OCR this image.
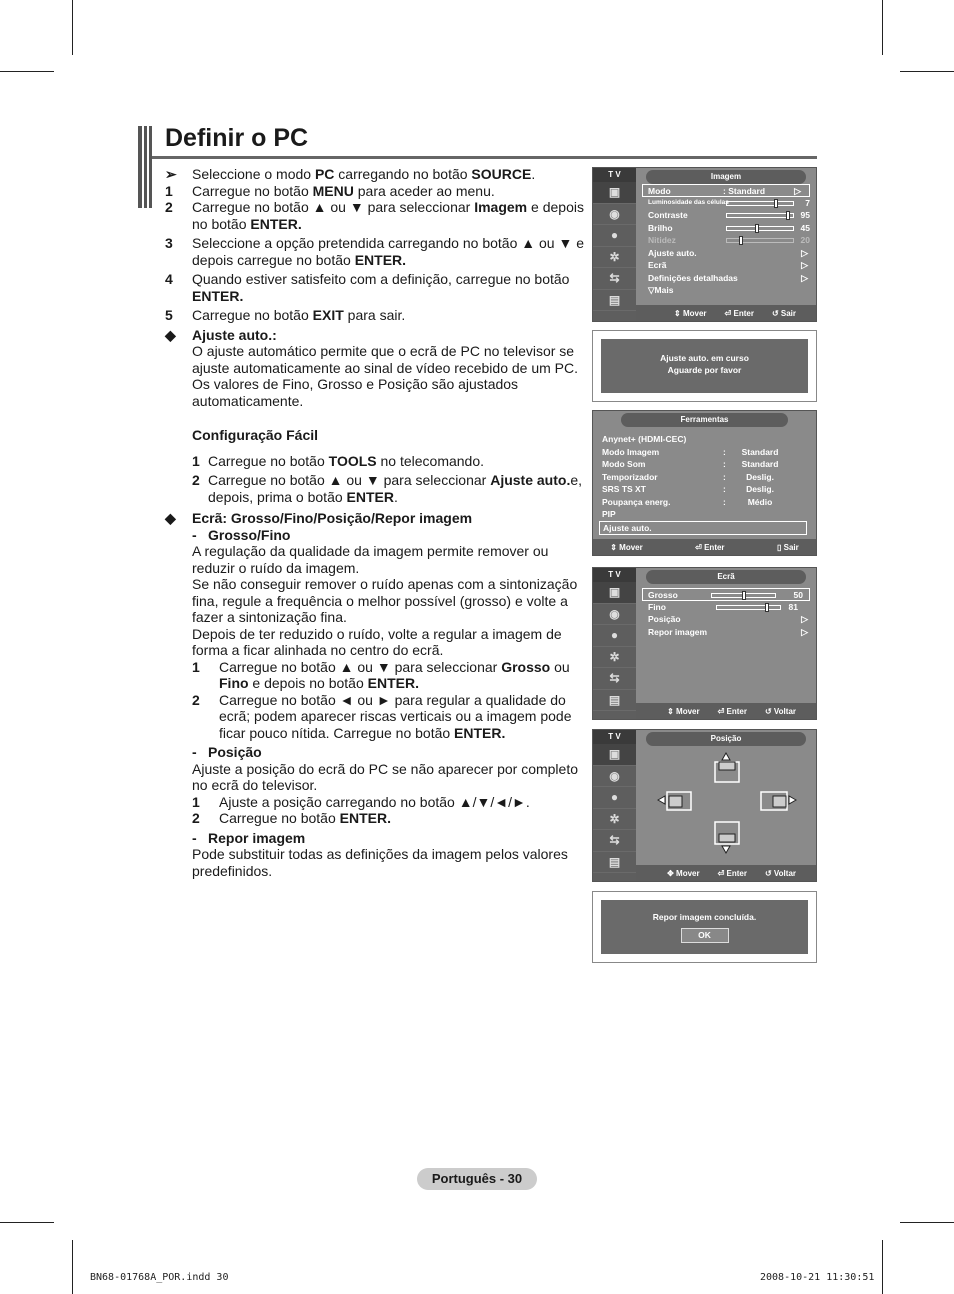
Definir o PC
➢	Seleccione o modo PC carregando no botão SOURCE.
1	Carregue no botão MENU para aceder ao menu.
2	Carregue no botão ▲ ou ▼ para seleccionar Imagem e depois no botão ENTER.
3	Seleccione a opção pretendida carregando no botão ▲ ou ▼ e depois carregue no botão ENTER.
4	Quando estiver satisfeito com a definição, carregue no botão ENTER.
5	Carregue no botão EXIT para sair.
◆	Ajuste auto.:
O ajuste automático permite que o ecrã de PC no televisor se ajuste automaticamente ao sinal de vídeo recebido de um PC. Os valores de Fino, Grosso e Posição são ajustados automaticamente.
Configuração Fácil
1 Carregue no botão TOOLS no telecomando.
2 Carregue no botão ▲ ou ▼ para seleccionar Ajuste auto.e, depois, prima o botão ENTER.
◆	Ecrã: Grosso/Fino/Posição/Repor imagem
- Grosso/Fino
A regulação da qualidade da imagem permite remover ou reduzir o ruído da imagem.
Se não conseguir remover o ruído apenas com a sintonização fina, regule a frequência o melhor possível (grosso) e volte a fazer a sintonização fina.
Depois de ter reduzido o ruído, volte a regular a imagem de forma a ficar alinhada no centro do ecrã.
1	Carregue no botão ▲ ou ▼ para seleccionar Grosso ou Fino e depois no botão ENTER.
2	Carregue no botão ◄ ou ► para regular a qualidade do ecrã; podem aparecer riscas verticais ou a imagem pode ficar pouco nítida. Carregue no botão ENTER.
- Posição
Ajuste a posição do ecrã do PC se não aparecer por completo no ecrã do televisor.
1	Ajuste a posição carregando no botão ▲/▼/◄/►.
2	Carregue no botão ENTER.
- Repor imagem
Pode substituir todas as definições da imagem pelos valores predefinidos.
T V
▣
◉
●
✲
⇆
▤
Imagem
Modo	: Standard	▷
Luminosidade das células	7
Contraste	95
Brilho	45
Nitidez	20
Ajuste auto.	▷
Ecrã	▷
Definições detalhadas	▷
▽Mais
⇕ Mover ⏎ Enter ↺ Sair
Ajuste auto. em curso
Aguarde por favor
Ferramentas
Anynet+ (HDMI-CEC)
Modo Imagem	:	Standard
Modo Som	:	Standard
Temporizador	:	Deslig.
SRS TS XT	:	Deslig.
Poupança energ.	:	Médio
PIP
Ajuste auto.
⇕ Mover	⏎ Enter	▯ Sair
T V
▣
◉
●
✲
⇆
▤
Ecrã
Grosso	50
Fino	81
Posição	▷
Repor imagem	▷
⇕ Mover ⏎ Enter ↺ Voltar
T V
▣
◉
●
✲
⇆
▤
Posição
✥ Mover ⏎ Enter ↺ Voltar
Repor imagem concluída.
OK
Português - 30
BN68-01768A_POR.indd 30	2008-10-21 11:30:51
